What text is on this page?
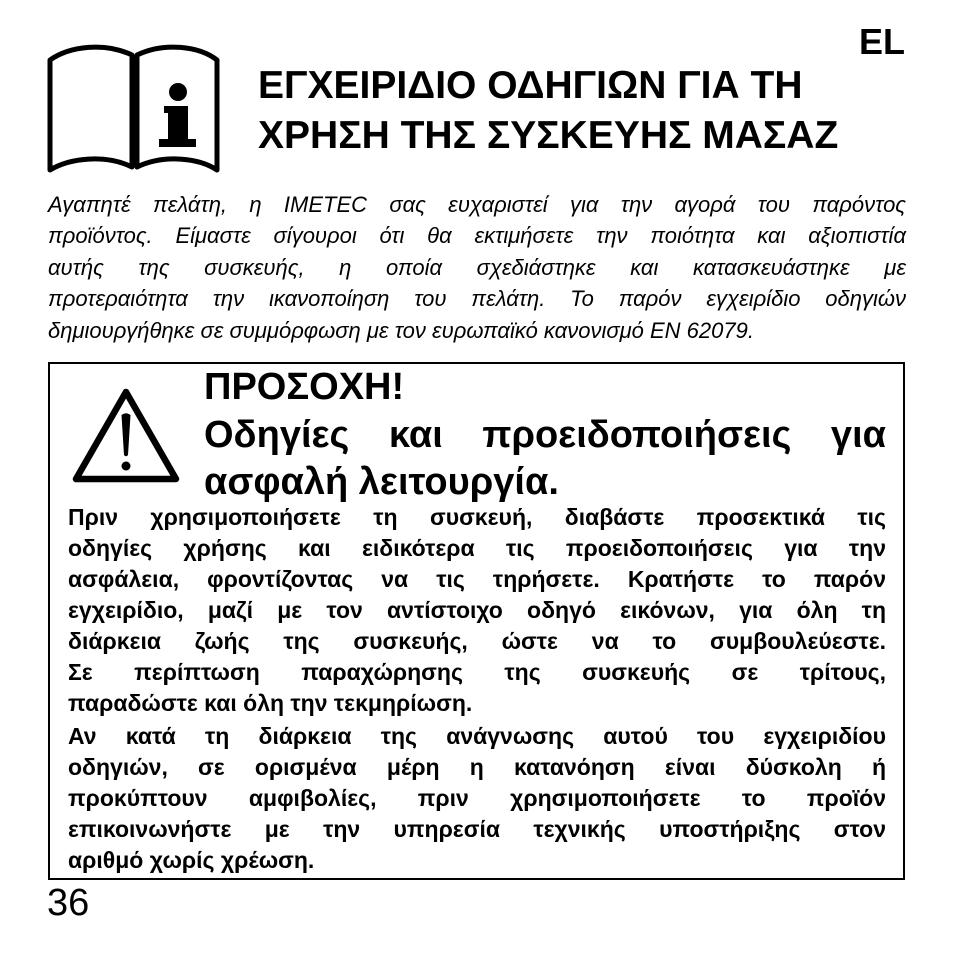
EL
ΕΓΧΕΙΡΙΔΙΟ ΟΔΗΓΙΩΝ ΓΙΑ ΤΗ
ΧΡΗΣΗ ΤΗΣ ΣΥΣΚΕΥΗΣ ΜΑΣΑΖ
Αγαπητέ πελάτη, η IMETEC σας ευχαριστεί για την αγορά του παρόντος
προϊόντος. Είμαστε σίγουροι ότι θα εκτιμήσετε την ποιότητα και αξιοπιστία
αυτής της συσκευής, η οποία σχεδιάστηκε και κατασκευάστηκε με
προτεραιότητα την ικανοποίηση του πελάτη. Το παρόν εγχειρίδιο οδηγιών
δημιουργήθηκε σε συμμόρφωση με τον ευρωπαϊκό κανονισμό EN 62079.
ΠΡΟΣΟΧΗ!
Οδηγίες και προειδοποιήσεις για
ασφαλή λειτουργία.
Πριν χρησιμοποιήσετε τη συσκευή, διαβάστε προσεκτικά τις
οδηγίες χρήσης και ειδικότερα τις προειδοποιήσεις για την
ασφάλεια, φροντίζοντας να τις τηρήσετε. Κρατήστε το παρόν
εγχειρίδιο, μαζί με τον αντίστοιχο οδηγό εικόνων, για όλη τη
διάρκεια ζωής της συσκευής, ώστε να το συμβουλεύεστε.
Σε περίπτωση παραχώρησης της συσκευής σε τρίτους,
παραδώστε και όλη την τεκμηρίωση.
Αν κατά τη διάρκεια της ανάγνωσης αυτού του εγχειριδίου
οδηγιών, σε ορισμένα μέρη η κατανόηση είναι δύσκολη ή
προκύπτουν αμφιβολίες, πριν χρησιμοποιήσετε το προϊόν
επικοινωνήστε με την υπηρεσία τεχνικής υποστήριξης στον
αριθμό χωρίς χρέωση.
36
